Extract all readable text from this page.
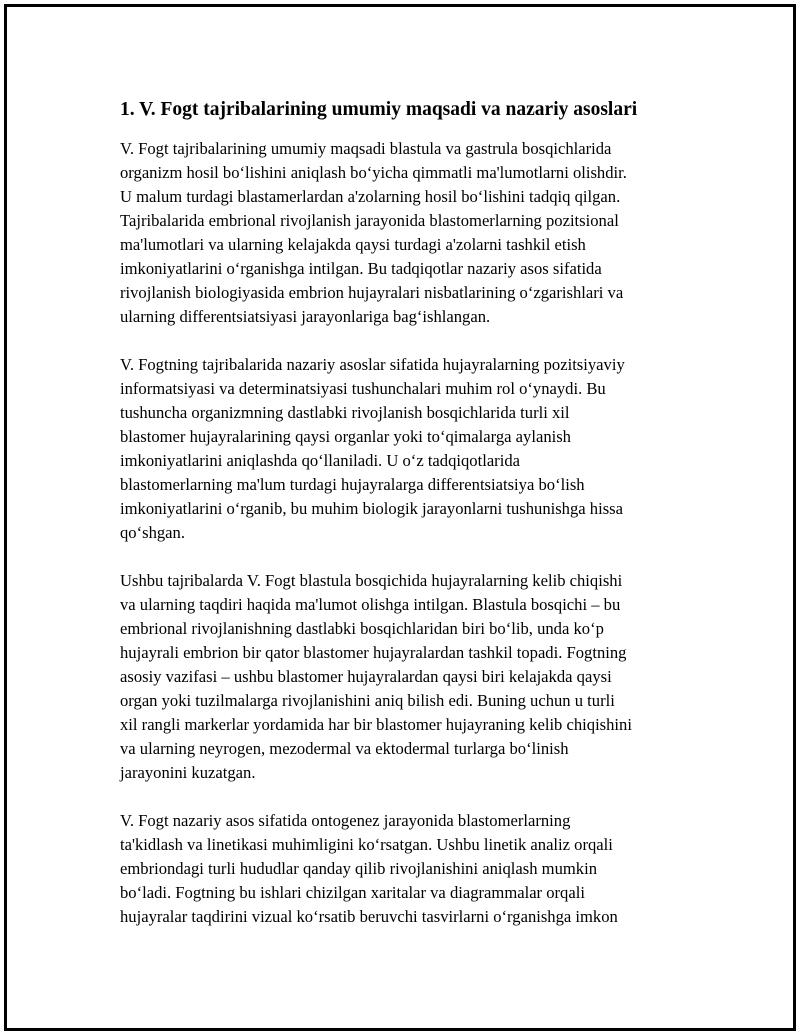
1. V. Fogt tajribalarining umumiy maqsadi va nazariy asoslari
V. Fogt tajribalarining umumiy maqsadi blastula va gastrula bosqichlarida
organizm hosil bo‘lishini aniqlash bo‘yicha qimmatli ma'lumotlarni olishdir.
U malum turdagi blastamerlardan a'zolarning hosil bo‘lishini tadqiq qilgan.
Tajribalarida embrional rivojlanish jarayonida blastomerlarning pozitsional
ma'lumotlari va ularning kelajakda qaysi turdagi a'zolarni tashkil etish
imkoniyatlarini o‘rganishga intilgan. Bu tadqiqotlar nazariy asos sifatida
rivojlanish biologiyasida embrion hujayralari nisbatlarining o‘zgarishlari va
ularning differentsiatsiyasi jarayonlariga bag‘ishlangan.
V. Fogtning tajribalarida nazariy asoslar sifatida hujayralarning pozitsiyaviy
informatsiyasi va determinatsiyasi tushunchalari muhim rol o‘ynaydi. Bu
tushuncha organizmning dastlabki rivojlanish bosqichlarida turli xil
blastomer hujayralarining qaysi organlar yoki to‘qimalarga aylanish
imkoniyatlarini aniqlashda qo‘llaniladi. U o‘z tadqiqotlarida
blastomerlarning ma'lum turdagi hujayralarga differentsiatsiya bo‘lish
imkoniyatlarini o‘rganib, bu muhim biologik jarayonlarni tushunishga hissa
qo‘shgan.
Ushbu tajribalarda V. Fogt blastula bosqichida hujayralarning kelib chiqishi
va ularning taqdiri haqida ma'lumot olishga intilgan. Blastula bosqichi – bu
embrional rivojlanishning dastlabki bosqichlaridan biri bo‘lib, unda ko‘p
hujayrali embrion bir qator blastomer hujayralardan tashkil topadi. Fogtning
asosiy vazifasi – ushbu blastomer hujayralardan qaysi biri kelajakda qaysi
organ yoki tuzilmalarga rivojlanishini aniq bilish edi. Buning uchun u turli
xil rangli markerlar yordamida har bir blastomer hujayraning kelib chiqishini
va ularning neyrogen, mezodermal va ektodermal turlarga bo‘linish
jarayonini kuzatgan.
V. Fogt nazariy asos sifatida ontogenez jarayonida blastomerlarning
ta'kidlash va linetikasi muhimligini ko‘rsatgan. Ushbu linetik analiz orqali
embriondagi turli hududlar qanday qilib rivojlanishini aniqlash mumkin
bo‘ladi. Fogtning bu ishlari chizilgan xaritalar va diagrammalar orqali
hujayralar taqdirini vizual ko‘rsatib beruvchi tasvirlarni o‘rganishga imkon
